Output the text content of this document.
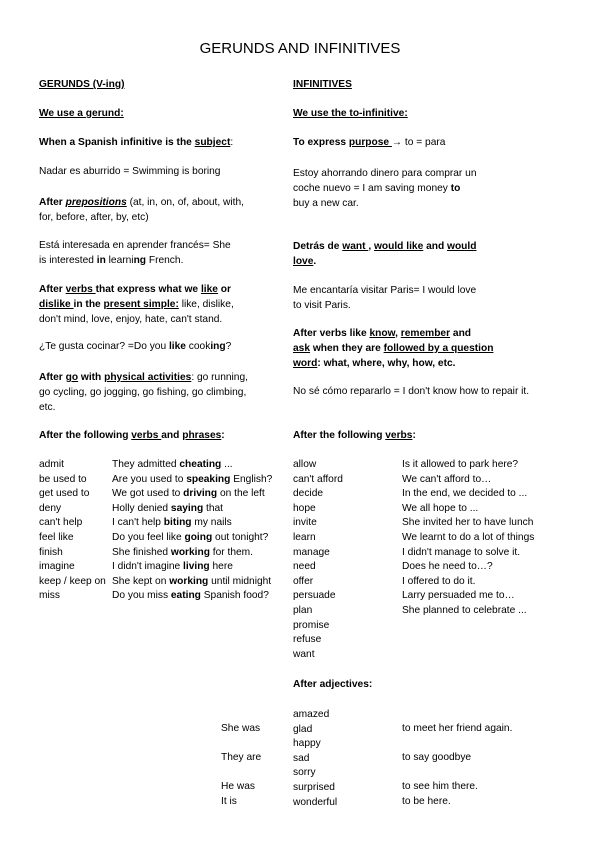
GERUNDS AND INFINITIVES
GERUNDS (V-ing)
We use a gerund:
When a Spanish infinitive is the subject:
Nadar es aburrido = Swimming is boring
After prepositions (at, in, on, of, about, with,
for, before, after, by, etc)
Está interesada en aprender francés= She
is interested in learning French.
After verbs that express what we like or
dislike in the present simple: like, dislike,
don't mind, love, enjoy, hate, can't stand.
¿Te gusta cocinar? =Do you like cooking?
After go with physical activities: go running,
go cycling, go jogging, go fishing, go climbing,
etc.
After the following verbs and phrases:
admit
be used to
get used to
deny
can't help
feel like
finish
imagine
keep / keep on
miss
They admitted cheating ...
Are you used to speaking English?
We got used to driving on the left
Holly denied saying that
I can't help biting my nails
Do you feel like going out tonight?
She finished working for them.
I didn't imagine living here
She kept on working until midnight
Do you miss eating Spanish food?
INFINITIVES
We use the to-infinitive:
To express purpose → to = para
Estoy ahorrando dinero para comprar un
coche nuevo = I am saving money to
buy a new car.
Detrás de want , would like and would
love.
Me encantaría visitar Paris= I would love
to visit Paris.
After verbs like know, remember and
ask when they are followed by a question
word: what, where, why, how, etc.
No sé cómo repararlo = I don't know how to repair it.
After the following verbs:
allow
can't afford
decide
hope
invite
learn
manage
need
offer
persuade
plan
promise
refuse
want
Is it allowed to park here?
We can't afford to…
In the end, we decided to ...
We all hope to ...
She invited her to have lunch
We learnt to do a lot of things
I didn't manage to solve it.
Does he need to…?
I offered to do it.
Larry persuaded me to…
She planned to celebrate ...
After adjectives:
amazed
glad
happy
sad
sorry
surprised
wonderful
She was
They are
He was
It is
to meet her friend again.
to say goodbye
to see him there.
to be here.
